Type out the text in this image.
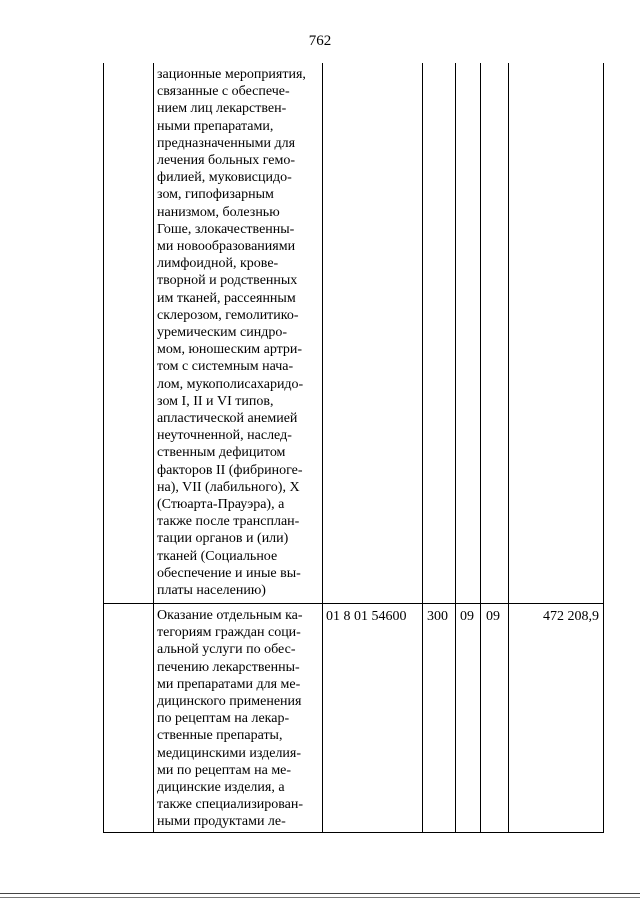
762
зационные мероприятия,
связанные с обеспече-
нием лиц лекарствен-
ными препаратами,
предназначенными для
лечения больных гемо-
филией, муковисцидо-
зом, гипофизарным
нанизмом, болезнью
Гоше, злокачественны-
ми новообразованиями
лимфоидной, крове-
творной и родственных
им тканей, рассеянным
склерозом, гемолитико-
уремическим синдро-
мом, юношеским артри-
том с системным нача-
лом, мукополисахаридо-
зом I, II и VI типов,
апластической анемией
неуточненной, наслед-
ственным дефицитом
факторов II (фибриноге-
на), VII (лабильного), X
(Стюарта-Прауэра), а
также после трансплан-
тации органов и (или)
тканей (Социальное
обеспечение и иные вы-
платы населению)
Оказание отдельным ка-
тегориям граждан соци-
альной услуги по обес-
печению лекарственны-
ми препаратами для ме-
дицинского применения
по рецептам на лекар-
ственные препараты,
медицинскими изделия-
ми по рецептам на ме-
дицинские изделия, а
также специализирован-
ными продуктами ле-
01 8 01 54600 300 09 09	472 208,9
